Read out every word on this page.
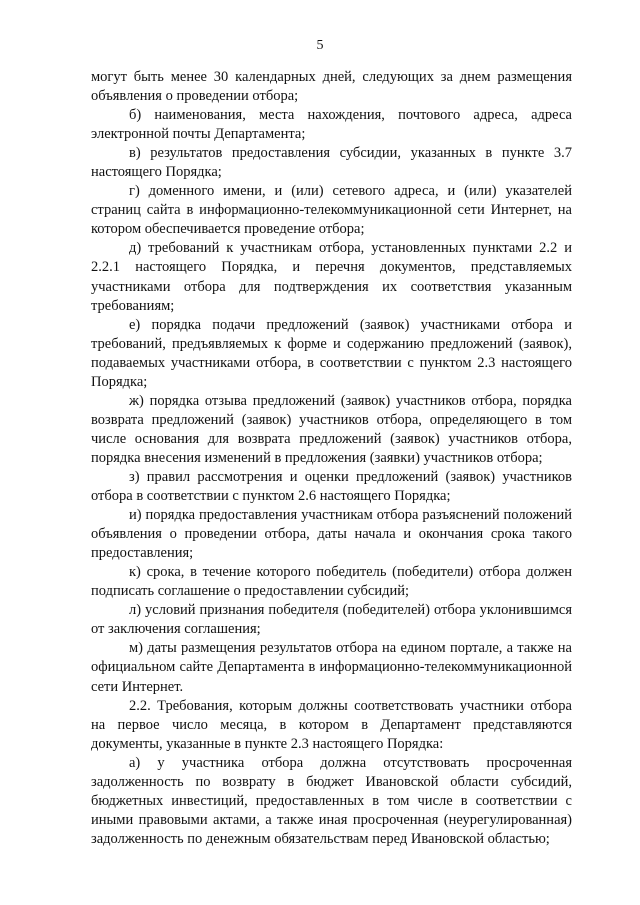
5

могут быть менее 30 календарных дней, следующих за днем размещения объявления о проведении отбора;

б) наименования, места нахождения, почтового адреса, адреса электронной почты Департамента;

в) результатов предоставления субсидии, указанных в пункте 3.7 настоящего Порядка;

г) доменного имени, и (или) сетевого адреса, и (или) указателей страниц сайта в информационно-телекоммуникационной сети Интернет, на котором обеспечивается проведение отбора;

д) требований к участникам отбора, установленных пунктами 2.2 и 2.2.1 настоящего Порядка, и перечня документов, представляемых участниками отбора для подтверждения их соответствия указанным требованиям;

е) порядка подачи предложений (заявок) участниками отбора и требований, предъявляемых к форме и содержанию предложений (заявок), подаваемых участниками отбора, в соответствии с пунктом 2.3 настоящего Порядка;

ж) порядка отзыва предложений (заявок) участников отбора, порядка возврата предложений (заявок) участников отбора, определяющего в том числе основания для возврата предложений (заявок) участников отбора, порядка внесения изменений в предложения (заявки) участников отбора;

з) правил рассмотрения и оценки предложений (заявок) участников отбора в соответствии с пунктом 2.6 настоящего Порядка;

и) порядка предоставления участникам отбора разъяснений положений объявления о проведении отбора, даты начала и окончания срока такого предоставления;

к) срока, в течение которого победитель (победители) отбора должен подписать соглашение о предоставлении субсидий;

л) условий признания победителя (победителей) отбора уклонившимся от заключения соглашения;

м) даты размещения результатов отбора на едином портале, а также на официальном сайте Департамента в информационно-телекоммуникационной сети Интернет.

2.2. Требования, которым должны соответствовать участники отбора на первое число месяца, в котором в Департамент представляются документы, указанные в пункте 2.3 настоящего Порядка:

а) у участника отбора должна отсутствовать просроченная задолженность по возврату в бюджет Ивановской области субсидий, бюджетных инвестиций, предоставленных в том числе в соответствии с иными правовыми актами, а также иная просроченная (неурегулированная) задолженность по денежным обязательствам перед Ивановской областью;
